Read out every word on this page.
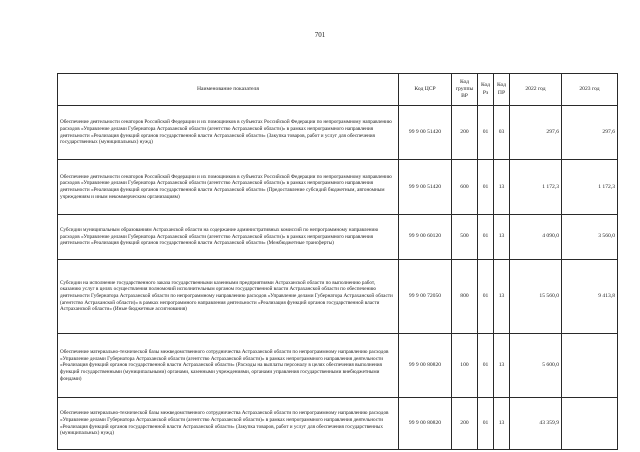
701
Наименование показателя	Код ЦСР	Код группы ВР	Код Рз	Код ПР	2022 год	2023 год
Обеспечение деятельности сенаторов Российской Федерации и их помощников в субъектах Российской Федерации по непрограммному направлению расходов «Управление делами Губернатора Астраханской области (агентство Астраханской области)» в рамках непрограммного направления деятельности «Реализация функций органов государственной власти Астраханской области» (Закупка товаров, работ и услуг для обеспечения государственных (муниципальных) нужд)	99 9 00 51420	200	01	03	297,6	297,6
Обеспечение деятельности сенаторов Российской Федерации и их помощников в субъектах Российской Федерации по непрограммному направлению расходов «Управление делами Губернатора Астраханской области (агентство Астраханской области)» в рамках непрограммного направления деятельности «Реализация функций органов государственной власти Астраханской области» (Предоставление субсидий бюджетным, автономным учреждениям и иным некоммерческим организациям)	99 9 00 51420	600	01	13	1 172,3	1 172,3
Субсидии муниципальным образованиям Астраханской области на содержание административных комиссий по непрограммному направлению расходов «Управление делами Губернатора Астраханской области (агентство Астраханской области)» в рамках непрограммного направления деятельности «Реализация функций органов государственной власти Астраханской области» (Межбюджетные трансферты)	99 9 00 60120	500	01	13	4 090,0	3 560,0
Субсидии на исполнение государственного заказа государственными казенными предприятиями Астраханской области по выполнению работ, оказанию услуг в целях осуществления полномочий исполнительным органом государственной власти Астраханской области по обеспечению деятельности Губернатора Астраханской области по непрограммному направлению расходов «Управление делами Губернатора Астраханской области (агентство Астраханской области)» в рамках непрограммного направления деятельности «Реализация функций органов государственной власти Астраханской области» (Иные бюджетные ассигнования)	99 9 00 72050	800	01	13	15 560,0	9 413,8
Обеспечение материально-технической базы межведомственного сотрудничества Астраханской области по непрограммному направлению расходов «Управление делами Губернатора Астраханской области (агентство Астраханской области)» в рамках непрограммного направления деятельности «Реализация функций органов государственной власти Астраханской области» (Расходы на выплаты персоналу в целях обеспечения выполнения функций государственными (муниципальными) органами, казенными учреждениями, органами управления государственными внебюджетными фондами)	99 9 00 80820	100	01	13	5 600,0	
Обеспечение материально-технической базы межведомственного сотрудничества Астраханской области по непрограммному направлению расходов «Управление делами Губернатора Астраханской области (агентство Астраханской области)» в рамках непрограммного направления деятельности «Реализация функций органов государственной власти Астраханской области» (Закупка товаров, работ и услуг для обеспечения государственных (муниципальных) нужд)	99 9 00 80820	200	01	13	43 359,9	
